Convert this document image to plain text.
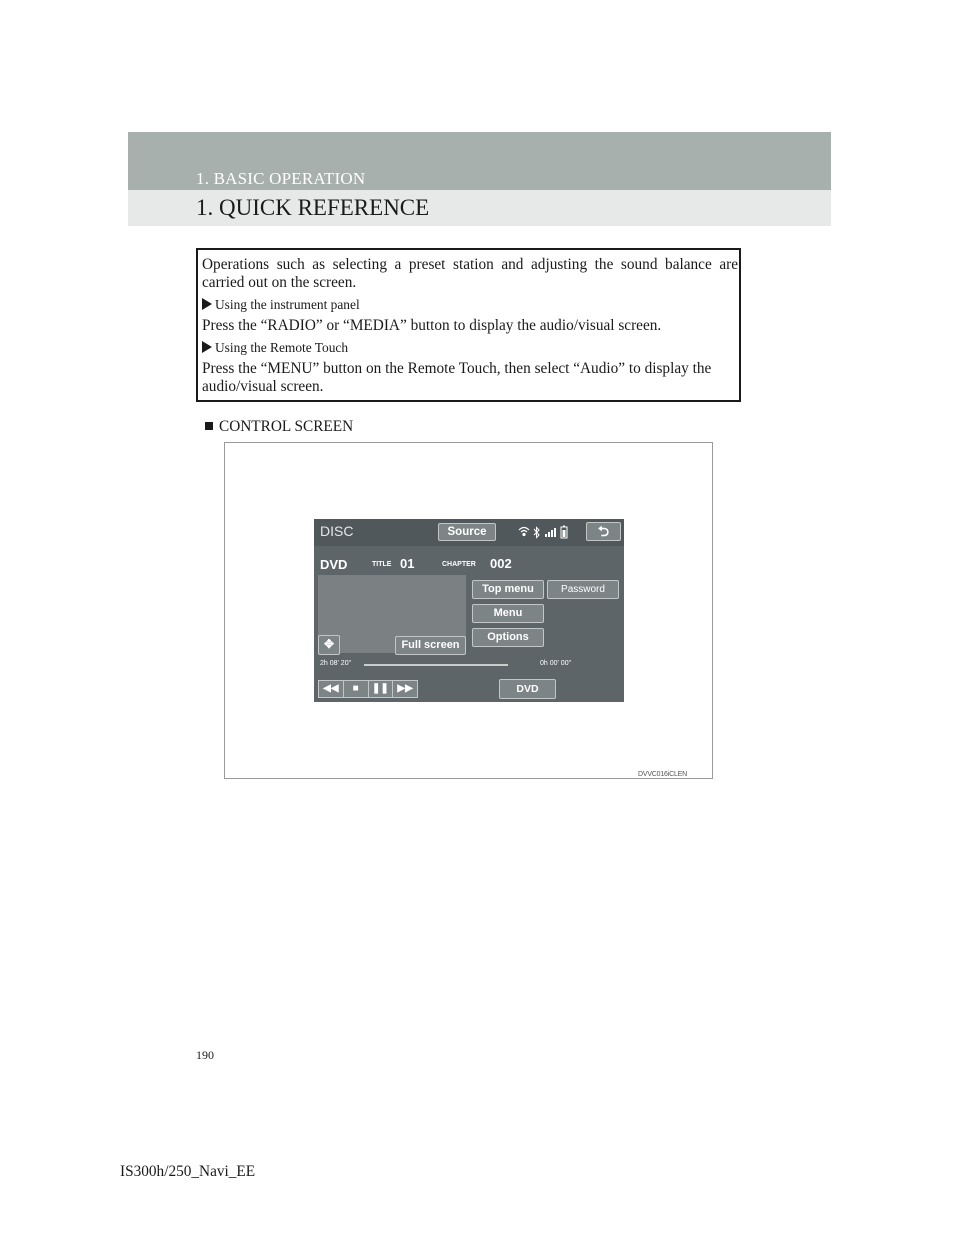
1. BASIC OPERATION
1. QUICK REFERENCE

Operations such as selecting a preset station and adjusting the sound balance are carried out on the screen.

Using the instrument panel

Press the “RADIO” or “MEDIA” button to display the audio/visual screen.

Using the Remote Touch

Press the “MENU” button on the Remote Touch, then select “Audio” to display the audio/visual screen.

CONTROL SCREEN
DISC	Source	⮌
DVD	TITLE 01	CHAPTER 002
✥	Full screen
Top menu	Password
Menu
Options
2h 08' 20"	0h 00' 00"
◀◀	■	❚❚ ▶▶	DVD settings
DVVC016iCLEN
190
IS300h/250_Navi_EE
